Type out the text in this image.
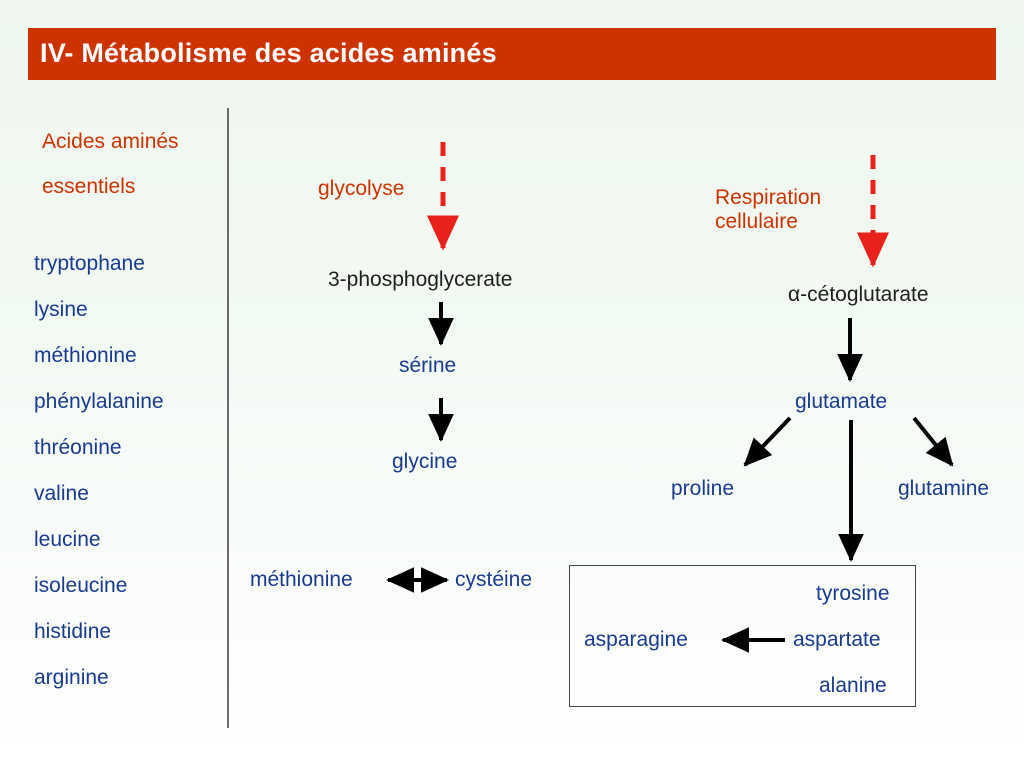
IV- Métabolisme des acides aminés
Acides aminés
essentiels
tryptophane
lysine
méthionine
phénylalanine
thréonine
valine
leucine
isoleucine
histidine
arginine
glycolyse	Respiration
cellulaire
3-phosphoglycerate
sérine
glycine
α-cétoglutarate
glutamate
proline	glutamine
méthionine	cystéine
tyrosine
asparagine	aspartate
alanine
